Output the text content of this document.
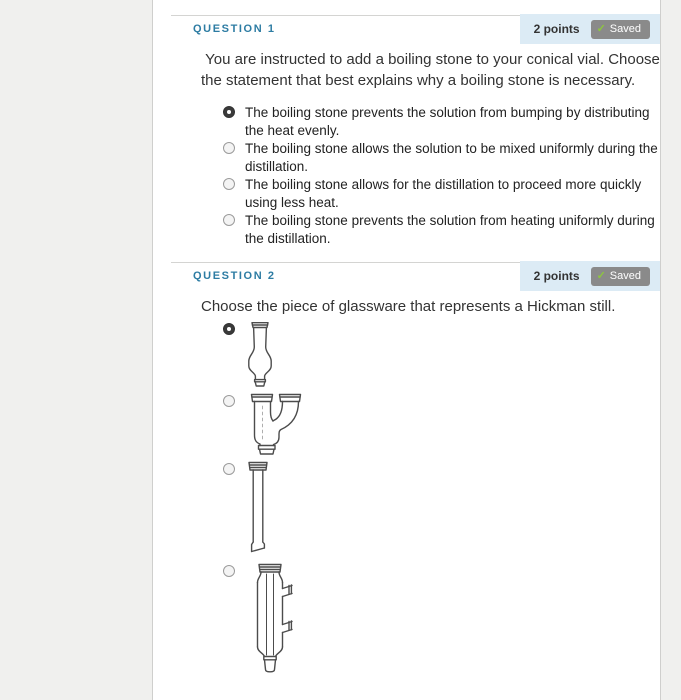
QUESTION 1	2 points ✓ Saved

You are instructed to add a boiling stone to your conical vial. Choose the statement that best explains why a boiling stone is necessary.

The boiling stone prevents the solution from bumping by distributing the heat evenly.
The boiling stone allows the solution to be mixed uniformly during the distillation.
The boiling stone allows for the distillation to proceed more quickly using less heat.
The boiling stone prevents the solution from heating uniformly during the distillation.
QUESTION 2	2 points ✓ Saved

Choose the piece of glassware that represents a Hickman still.
